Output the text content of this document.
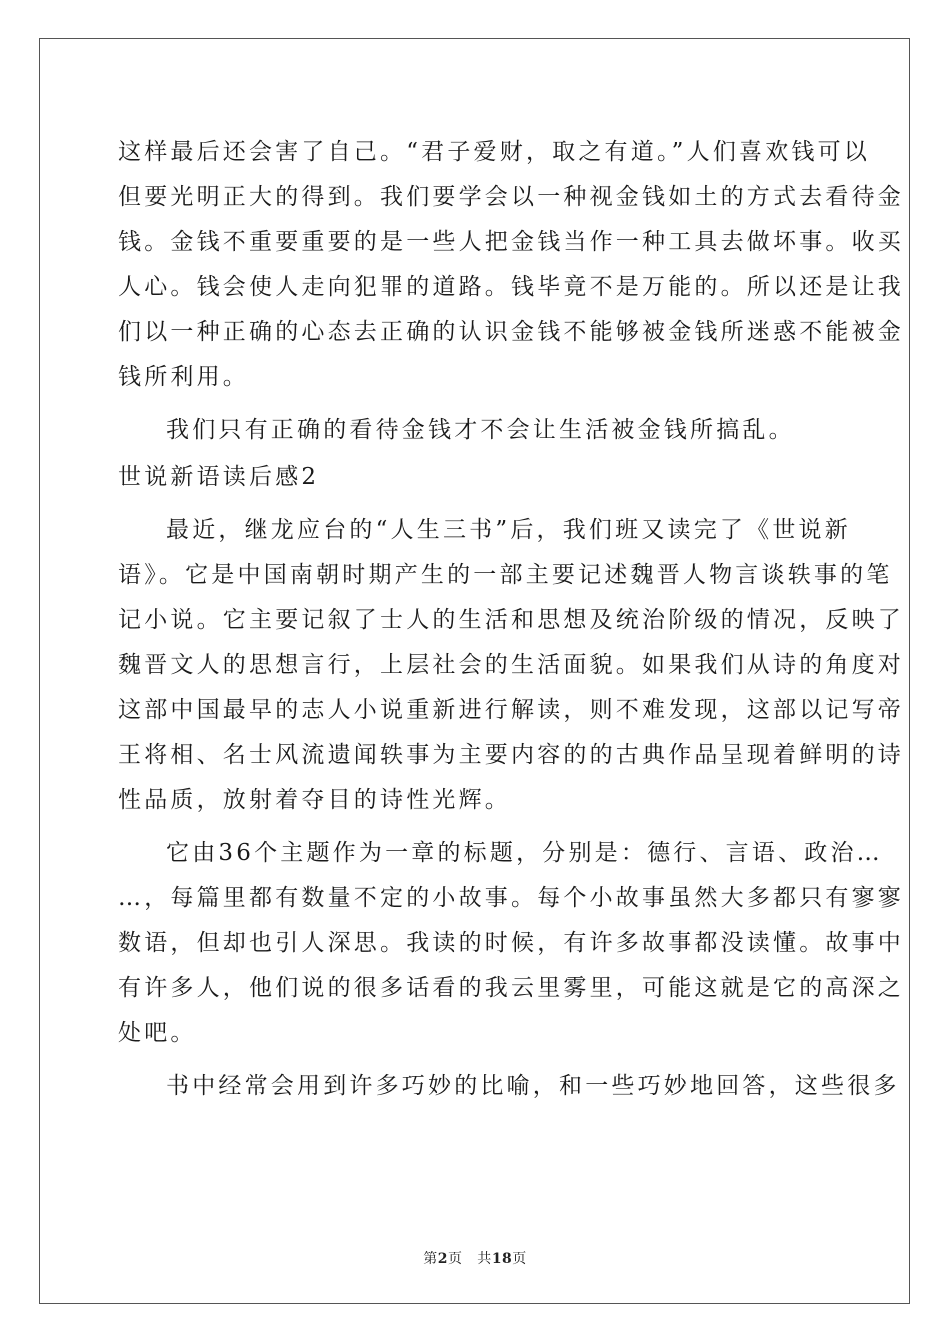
这样最后还会害了自己。“君子爱财，取之有道。”人们喜欢钱可以
但要光明正大的得到。我们要学会以一种视金钱如土的方式去看待金
钱。金钱不重要重要的是一些人把金钱当作一种工具去做坏事。收买
人心。钱会使人走向犯罪的道路。钱毕竟不是万能的。所以还是让我
们以一种正确的心态去正确的认识金钱不能够被金钱所迷惑不能被金
钱所利用。
我们只有正确的看待金钱才不会让生活被金钱所搞乱。
世说新语读后感2
最近，继龙应台的“人生三书”后，我们班又读完了《世说新
语》。它是中国南朝时期产生的一部主要记述魏晋人物言谈轶事的笔
记小说。它主要记叙了士人的生活和思想及统治阶级的情况，反映了
魏晋文人的思想言行，上层社会的生活面貌。如果我们从诗的角度对
这部中国最早的志人小说重新进行解读，则不难发现，这部以记写帝
王将相、名士风流遗闻轶事为主要内容的的古典作品呈现着鲜明的诗
性品质，放射着夺目的诗性光辉。
它由36个主题作为一章的标题，分别是：德行、言语、政治…
…，每篇里都有数量不定的小故事。每个小故事虽然大多都只有寥寥
数语，但却也引人深思。我读的时候，有许多故事都没读懂。故事中
有许多人，他们说的很多话看的我云里雾里，可能这就是它的高深之
处吧。
书中经常会用到许多巧妙的比喻，和一些巧妙地回答，这些很多
第2页   共18页
